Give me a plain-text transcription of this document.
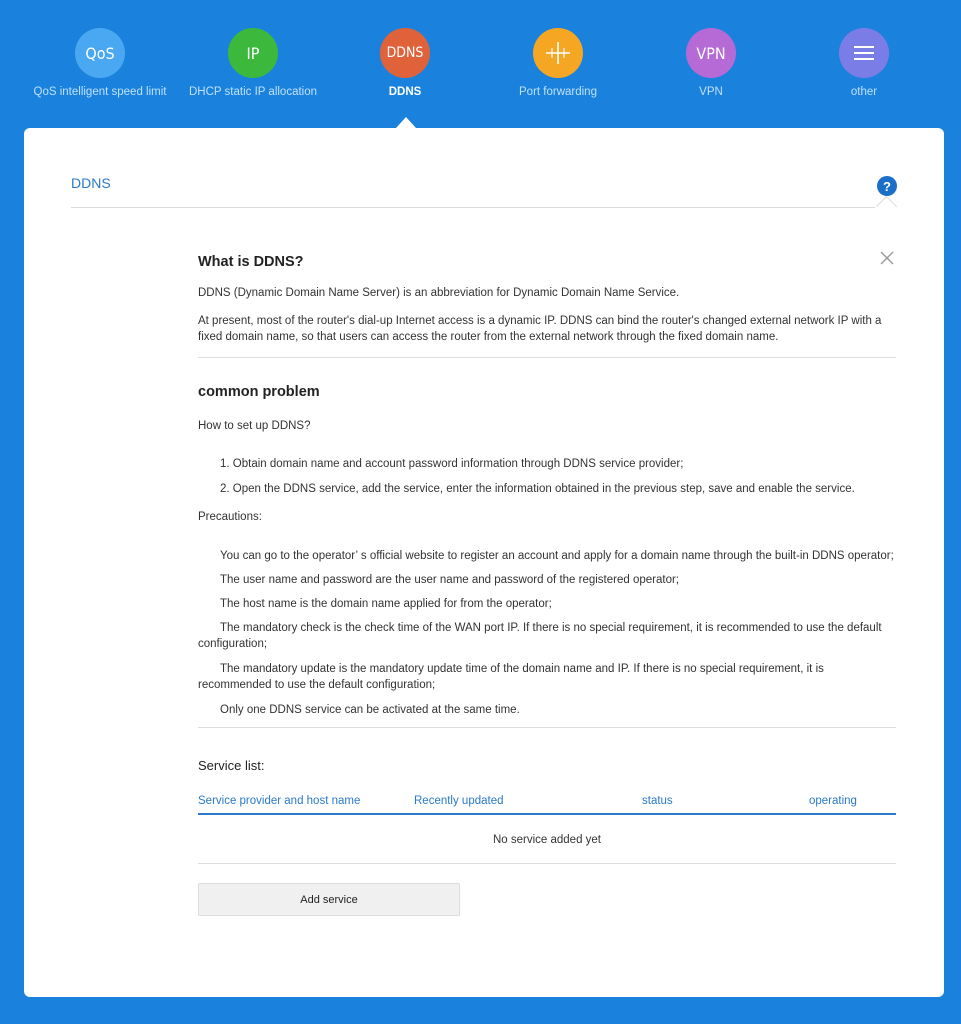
QoS
QoS intelligent speed limit
IP
DHCP static IP allocation
DDNS
DDNS	Port forwarding
VPN
VPN	other
DDNS	?
What is DDNS?

DDNS (Dynamic Domain Name Server) is an abbreviation for Dynamic Domain Name Service.

At present, most of the router's dial-up Internet access is a dynamic IP. DDNS can bind the router's changed external network IP with a fixed domain name, so that users can access the router from the external network through the fixed domain name.

common problem

How to set up DDNS?

1. Obtain domain name and account password information through DDNS service provider;

2. Open the DDNS service, add the service, enter the information obtained in the previous step, save and enable the service.

Precautions:

You can go to the operator’ s official website to register an account and apply for a domain name through the built-in DDNS operator;

The user name and password are the user name and password of the registered operator;

The host name is the domain name applied for from the operator;

The mandatory check is the check time of the WAN port IP. If there is no special requirement, it is recommended to use the default configuration;

The mandatory update is the mandatory update time of the domain name and IP. If there is no special requirement, it is recommended to use the default configuration;

Only one DDNS service can be activated at the same time.

Service list:

Service provider and host name	Recently updated	status	operating
No service added yet
Add service
